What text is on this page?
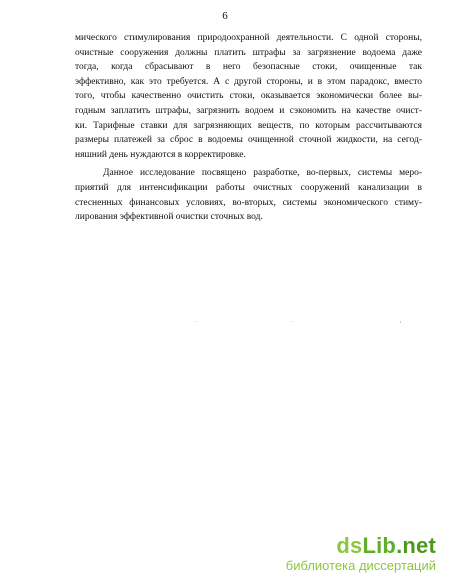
6

мического стимулирования природоохранной деятельности. С одной стороны,
очистные сооружения должны платить штрафы за загрязнение водоема даже
тогда, когда сбрасывают в него безопасные стоки, очищенные так
эффективно, как это требуется. А с другой стороны, и в этом парадокс, вместо
того, чтобы качественно очистить стоки, оказывается экономически более вы-
годным заплатить штрафы, загрязнить водоем и сэкономить на качестве очист-
ки. Тарифные ставки для загрязняющих веществ, по которым рассчитываются
размеры платежей за сброс в водоемы очищенной сточной жидкости, на сегод-
няшний день нуждаются в корректировке.

Данное исследование посвящено разработке, во-первых, системы меро-
приятий для интенсификации работы очистных сооружений канализации в
стесненных финансовых условиях, во-вторых, системы экономического стиму-
лирования эффективной очистки сточных вод.

.	.	,
dsLib.net
библиотека диссертаций
